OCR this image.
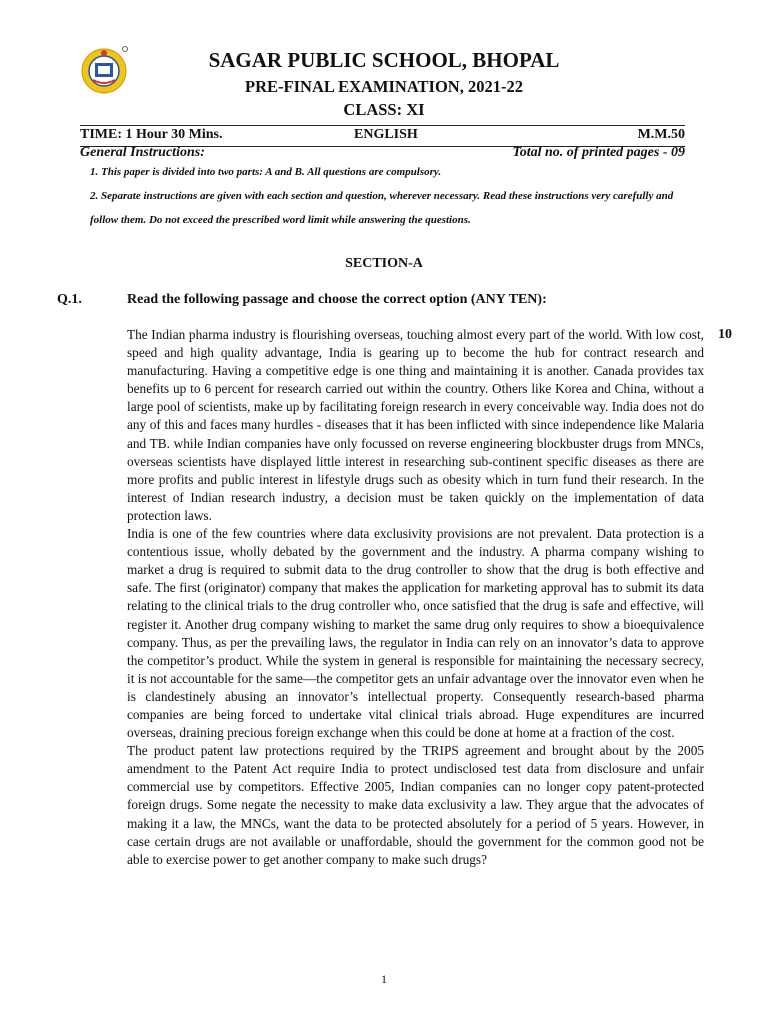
SAGAR PUBLIC SCHOOL, BHOPAL
PRE-FINAL EXAMINATION, 2021-22
CLASS: XI
TIME: 1 Hour 30 Mins.	ENGLISH	M.M.50
General Instructions:	Total no. of printed pages - 09
1. This paper is divided into two parts: A and B. All questions are compulsory.
2. Separate instructions are given with each section and question, wherever necessary. Read these instructions very carefully and follow them. Do not exceed the prescribed word limit while answering the questions.
SECTION-A
Q.1.	Read the following passage and choose the correct option (ANY TEN):
10

The Indian pharma industry is flourishing overseas, touching almost every part of the world. With low cost, speed and high quality advantage, India is gearing up to become the hub for contract research and manufacturing. Having a competitive edge is one thing and maintaining it is another. Canada provides tax benefits up to 6 percent for research carried out within the country. Others like Korea and China, without a large pool of scientists, make up by facilitating foreign research in every conceivable way. India does not do any of this and faces many hurdles - diseases that it has been inflicted with since independence like Malaria and TB. while Indian companies have only focussed on reverse engineering blockbuster drugs from MNCs, overseas scientists have displayed little interest in researching sub-continent specific diseases as there are more profits and public interest in lifestyle drugs such as obesity which in turn fund their research. In the interest of Indian research industry, a decision must be taken quickly on the implementation of data protection laws.

India is one of the few countries where data exclusivity provisions are not prevalent. Data protection is a contentious issue, wholly debated by the government and the industry. A pharma company wishing to market a drug is required to submit data to the drug controller to show that the drug is both effective and safe. The first (originator) company that makes the application for marketing approval has to submit its data relating to the clinical trials to the drug controller who, once satisfied that the drug is safe and effective, will register it. Another drug company wishing to market the same drug only requires to show a bioequivalence company. Thus, as per the prevailing laws, the regulator in India can rely on an innovator’s data to approve the competitor’s product. While the system in general is responsible for maintaining the necessary secrecy, it is not accountable for the same—the competitor gets an unfair advantage over the innovator even when he is clandestinely abusing an innovator’s intellectual property. Consequently research-based pharma companies are being forced to undertake vital clinical trials abroad. Huge expenditures are incurred overseas, draining precious foreign exchange when this could be done at home at a fraction of the cost.

The product patent law protections required by the TRIPS agreement and brought about by the 2005 amendment to the Patent Act require India to protect undisclosed test data from disclosure and unfair commercial use by competitors. Effective 2005, Indian companies can no longer copy patent-protected foreign drugs. Some negate the necessity to make data exclusivity a law. They argue that the advocates of making it a law, the MNCs, want the data to be protected absolutely for a period of 5 years. However, in case certain drugs are not available or unaffordable, should the government for the common good not be able to exercise power to get another company to make such drugs?

1
